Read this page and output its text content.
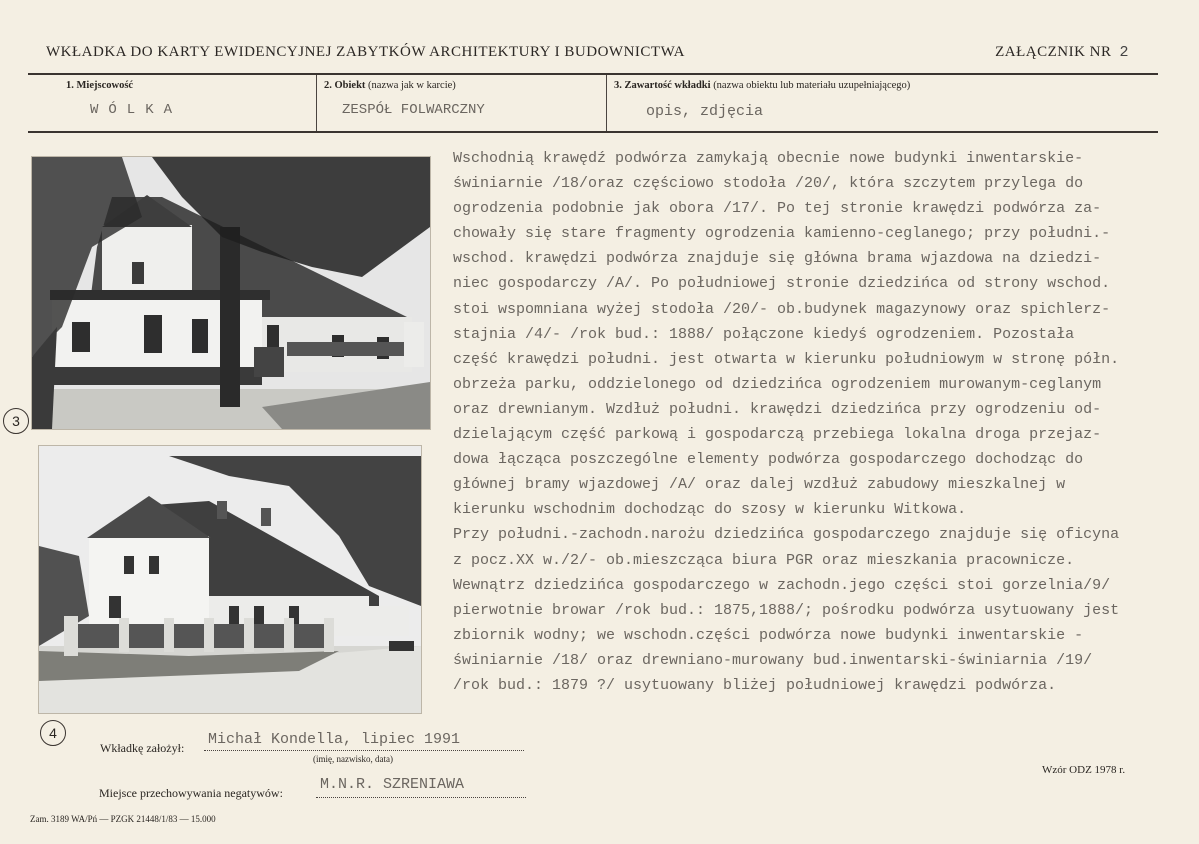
WKŁADKA DO KARTY EWIDENCYJNEJ ZABYTKÓW ARCHITEKTURY I BUDOWNICTWA	ZAŁĄCZNIK NR 2
1. Miejscowość
WÓLKA
2. Obiekt (nazwa jak w karcie)
ZESPÓŁ FOLWARCZNY
3. Zawartość wkładki (nazwa obiektu lub materiału uzupełniającego)
opis, zdjęcia
3
4
Wschodnią krawędź podwórza zamykają obecnie nowe budynki inwentarskie-
świniarnie /18/oraz częściowo stodoła /20/, która szczytem przylega do
ogrodzenia podobnie jak obora /17/. Po tej stronie krawędzi podwórza za-
chowały się stare fragmenty ogrodzenia kamienno-ceglanego; przy południ.-
wschod. krawędzi podwórza znajduje się główna brama wjazdowa na dziedzi-
niec gospodarczy /A/. Po południowej stronie dziedzińca od strony wschod.
stoi wspomniana wyżej stodoła /20/- ob.budynek magazynowy oraz spichlerz-
stajnia /4/- /rok bud.: 1888/ połączone kiedyś ogrodzeniem. Pozostała
część krawędzi południ. jest otwarta w kierunku południowym w stronę półn.
obrzeża parku, oddzielonego od dziedzińca ogrodzeniem murowanym-ceglanym
oraz drewnianym. Wzdłuż południ. krawędzi dziedzińca przy ogrodzeniu od-
dzielającym część parkową i gospodarczą przebiega lokalna droga przejaz-
dowa łącząca poszczególne elementy podwórza gospodarczego dochodząc do
głównej bramy wjazdowej /A/ oraz dalej wzdłuż zabudowy mieszkalnej w
kierunku wschodnim dochodząc do szosy w kierunku Witkowa.
Przy południ.-zachodn.narożu dziedzińca gospodarczego znajduje się oficyna
z pocz.XX w./2/- ob.mieszcząca biura PGR oraz mieszkania pracownicze.
Wewnątrz dziedzińca gospodarczego w zachodn.jego części stoi gorzelnia/9/
pierwotnie browar /rok bud.: 1875,1888/; pośrodku podwórza usytuowany jest
zbiornik wodny; we wschodn.części podwórza nowe budynki inwentarskie -
świniarnie /18/ oraz drewniano-murowany bud.inwentarski-świniarnia /19/
/rok bud.: 1879 ?/ usytuowany bliżej południowej krawędzi podwórza.
Wkładkę założył: Michał Kondella, lipiec 1991
(imię, nazwisko, data)
Miejsce przechowywania negatywów: M.N.R. SZRENIAWA
Wzór ODZ 1978 r.
Zam. 3189 WA/Pń — PZGK 21448/1/83 — 15.000
